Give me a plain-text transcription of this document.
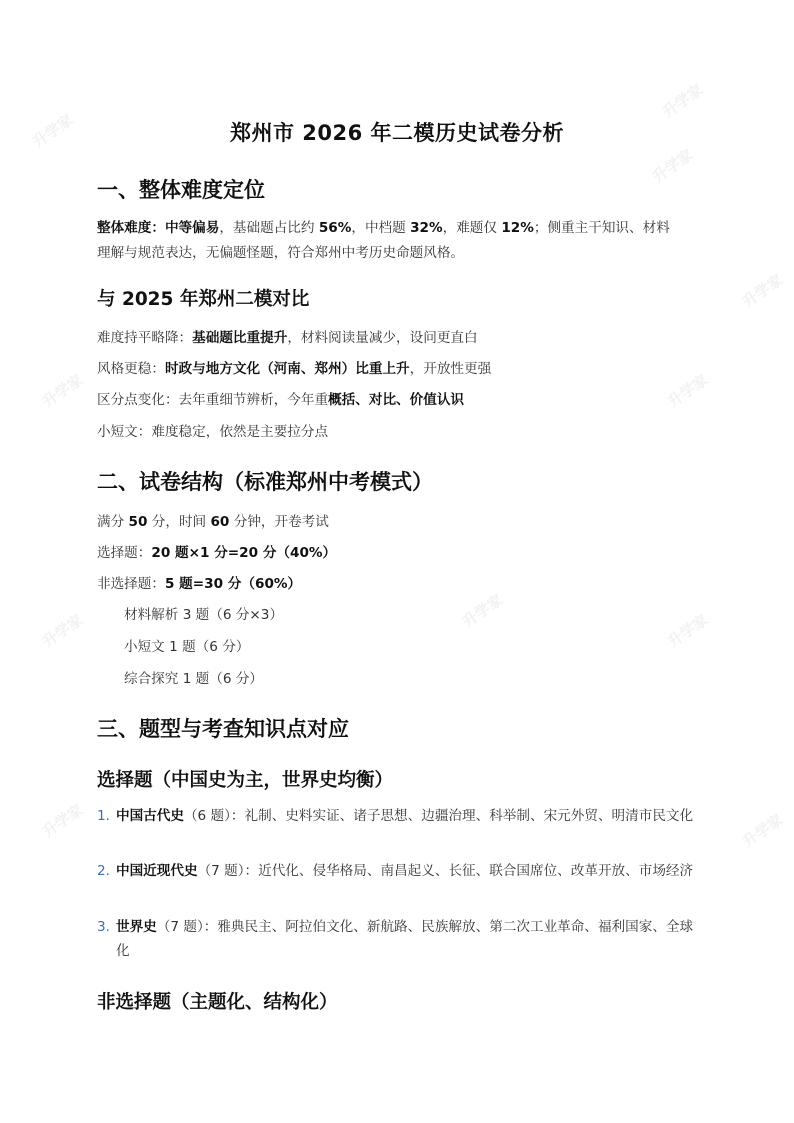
升学家
升学家
升学家
升学家
升学家	升学家
升学家
升学家	升学家
升学家	升学家
郑州市 2026 年二模历史试卷分析
一、整体难度定位
整体难度：中等偏易，基础题占比约 56%，中档题 32%，难题仅 12%；侧重主干知识、材料
理解与规范表达，无偏题怪题，符合郑州中考历史命题风格。
与 2025 年郑州二模对比
难度持平略降：基础题比重提升，材料阅读量减少，设问更直白
风格更稳：时政与地方文化（河南、郑州）比重上升，开放性更强
区分点变化：去年重细节辨析，今年重概括、对比、价值认识
小短文：难度稳定，依然是主要拉分点
二、试卷结构（标准郑州中考模式）
满分 50 分，时间 60 分钟，开卷考试
选择题：20 题×1 分=20 分（40%）
非选择题：5 题=30 分（60%）
材料解析 3 题（6 分×3）
小短文 1 题（6 分）
综合探究 1 题（6 分）
三、题型与考查知识点对应
选择题（中国史为主，世界史均衡）
1. 中国古代史（6 题）：礼制、史料实证、诸子思想、边疆治理、科举制、宋元外贸、明清市民文化
2. 中国近现代史（7 题）：近代化、侵华格局、南昌起义、长征、联合国席位、改革开放、市场经济
3. 世界史（7 题）：雅典民主、阿拉伯文化、新航路、民族解放、第二次工业革命、福利国家、全球化
非选择题（主题化、结构化）
